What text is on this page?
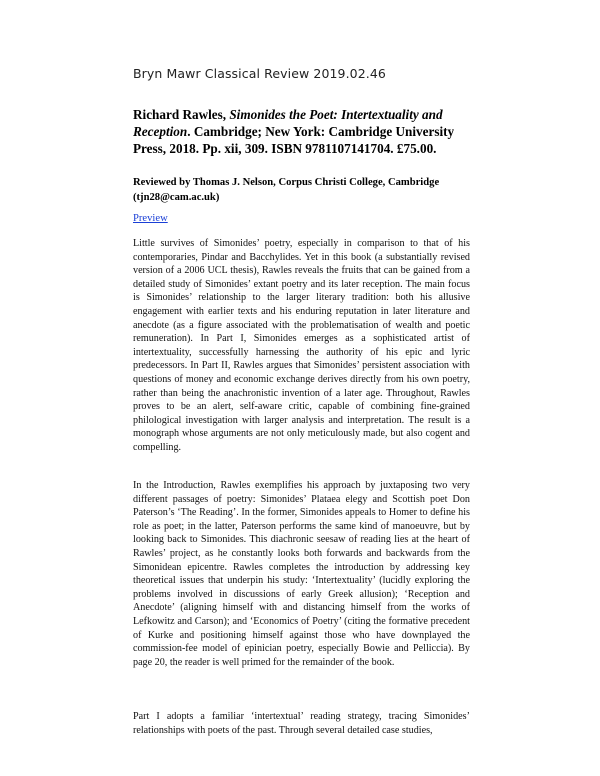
Bryn Mawr Classical Review 2019.02.46
Richard Rawles, Simonides the Poet: Intertextuality and Reception. Cambridge; New York: Cambridge University Press, 2018. Pp. xii, 309. ISBN 9781107141704. £75.00.
Reviewed by Thomas J. Nelson, Corpus Christi College, Cambridge (tjn28@cam.ac.uk)
Preview

Little survives of Simonides’ poetry, especially in comparison to that of his contemporaries, Pindar and Bacchylides. Yet in this book (a substantially revised version of a 2006 UCL thesis), Rawles reveals the fruits that can be gained from a detailed study of Simonides’ extant poetry and its later reception. The main focus is Simonides’ relationship to the larger literary tradition: both his allusive engagement with earlier texts and his enduring reputation in later literature and anecdote (as a figure associated with the problematisation of wealth and poetic remuneration). In Part I, Simonides emerges as a sophisticated artist of intertextuality, successfully harnessing the authority of his epic and lyric predecessors. In Part II, Rawles argues that Simonides’ persistent association with questions of money and economic exchange derives directly from his own poetry, rather than being the anachronistic invention of a later age. Throughout, Rawles proves to be an alert, self-aware critic, capable of combining fine-grained philological investigation with larger analysis and interpretation. The result is a monograph whose arguments are not only meticulously made, but also cogent and compelling.

In the Introduction, Rawles exemplifies his approach by juxtaposing two very different passages of poetry: Simonides’ Plataea elegy and Scottish poet Don Paterson’s ‘The Reading’. In the former, Simonides appeals to Homer to define his role as poet; in the latter, Paterson performs the same kind of manoeuvre, but by looking back to Simonides. This diachronic seesaw of reading lies at the heart of Rawles’ project, as he constantly looks both forwards and backwards from the Simonidean epicentre. Rawles completes the introduction by addressing key theoretical issues that underpin his study: ‘Intertextuality’ (lucidly exploring the problems involved in discussions of early Greek allusion); ‘Reception and Anecdote’ (aligning himself with and distancing himself from the works of Lefkowitz and Carson); and ‘Economics of Poetry’ (citing the formative precedent of Kurke and positioning himself against those who have downplayed the commission-fee model of epinician poetry, especially Bowie and Pelliccia). By page 20, the reader is well primed for the remainder of the book.

Part I adopts a familiar ‘intertextual’ reading strategy, tracing Simonides’ relationships with poets of the past. Through several detailed case studies,
